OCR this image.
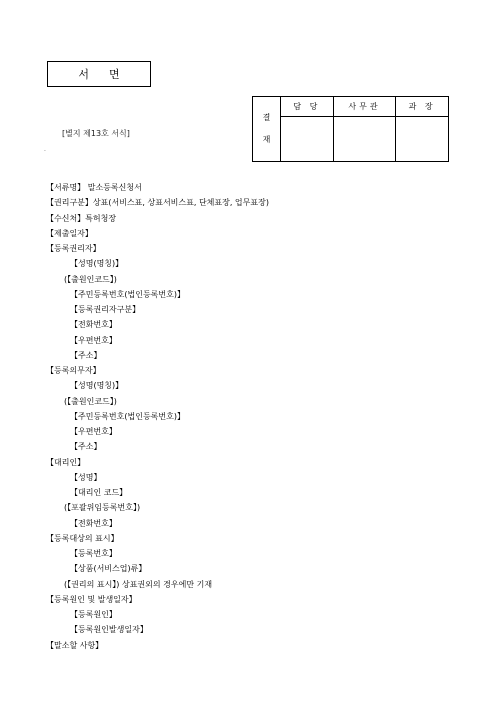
서 면
[별지 제13호 서식]
.
결
재	담 당	사무관	과 장

【서류명】 말소등록신청서
【권리구분】상표(서비스표, 상표서비스표, 단체표장, 업무표장)
【수신처】특허청장
【제출일자】
【등록권리자】
【성명(명칭)】
(【출원인코드】)
【주민등록번호(법인등록번호)】
【등록권리자구분】
【전화번호】
【우편번호】
【주소】
【등록의무자】
【성명(명칭)】
(【출원인코드】)
【주민등록번호(법인등록번호)】
【우편번호】
【주소】
【대리인】
【성명】
【대리인 코드】
(【포괄위임등록번호】)
【전화번호】
【등록대상의 표시】
【등록번호】
【상품(서비스업)류】
(【권리의 표시】) 상표권외의 경우에만 기재
【등록원인 및 발생일자】
【등록원인】
【등록원인발생일자】
【말소할 사항】
